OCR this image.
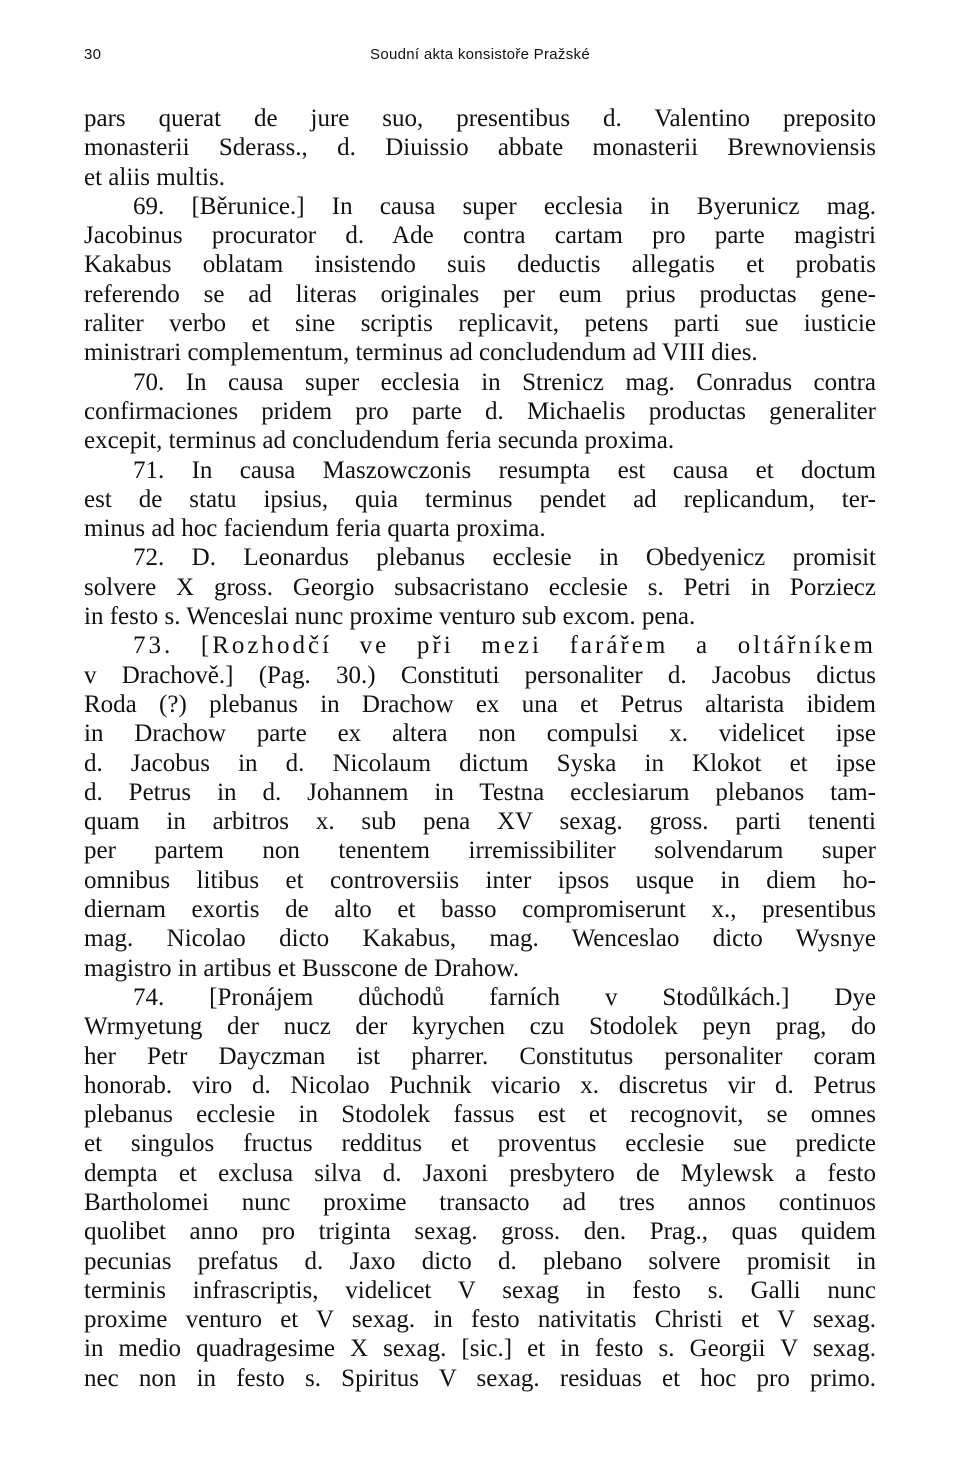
30	Soudní akta konsistoře Pražské
pars querat de jure suo, presentibus d. Valentino preposito
monasterii Sderass., d. Diuissio abbate monasterii Brewnoviensis
et aliis multis.
69. [Běrunice.] In causa super ecclesia in Byerunicz mag.
Jacobinus procurator d. Ade contra cartam pro parte magistri
Kakabus oblatam insistendo suis deductis allegatis et probatis
referendo se ad literas originales per eum prius productas gene-
raliter verbo et sine scriptis replicavit, petens parti sue iusticie
ministrari complementum, terminus ad concludendum ad VIII dies.
70. In causa super ecclesia in Strenicz mag. Conradus contra
confirmaciones pridem pro parte d. Michaelis productas generaliter
excepit, terminus ad concludendum feria secunda proxima.
71. In causa Maszowczonis resumpta est causa et doctum
est de statu ipsius, quia terminus pendet ad replicandum, ter-
minus ad hoc faciendum feria quarta proxima.
72. D. Leonardus plebanus ecclesie in Obedyenicz promisit
solvere X gross. Georgio subsacristano ecclesie s. Petri in Porziecz
in festo s. Wenceslai nunc proxime venturo sub excom. pena.
73. [Rozhodčí ve při mezi farářem a oltářníkem
v Drachově.] (Pag. 30.) Constituti personaliter d. Jacobus dictus
Roda (?) plebanus in Drachow ex una et Petrus altarista ibidem
in Drachow parte ex altera non compulsi x. videlicet ipse
d. Jacobus in d. Nicolaum dictum Syska in Klokot et ipse
d. Petrus in d. Johannem in Testna ecclesiarum plebanos tam-
quam in arbitros x. sub pena XV sexag. gross. parti tenenti
per partem non tenentem irremissibiliter solvendarum super
omnibus litibus et controversiis inter ipsos usque in diem ho-
diernam exortis de alto et basso compromiserunt x., presentibus
mag. Nicolao dicto Kakabus, mag. Wenceslao dicto Wysnye
magistro in artibus et Busscone de Drahow.
74. [Pronájem důchodů farních v Stodůlkách.] Dye
Wrmyetung der nucz der kyrychen czu Stodolek peyn prag, do
her Petr Dayczman ist pharrer. Constitutus personaliter coram
honorab. viro d. Nicolao Puchnik vicario x. discretus vir d. Petrus
plebanus ecclesie in Stodolek fassus est et recognovit, se omnes
et singulos fructus redditus et proventus ecclesie sue predicte
dempta et exclusa silva d. Jaxoni presbytero de Mylewsk a festo
Bartholomei nunc proxime transacto ad tres annos continuos
quolibet anno pro triginta sexag. gross. den. Prag., quas quidem
pecunias prefatus d. Jaxo dicto d. plebano solvere promisit in
terminis infrascriptis, videlicet V sexag in festo s. Galli nunc
proxime venturo et V sexag. in festo nativitatis Christi et V sexag.
in medio quadragesime X sexag. [sic.] et in festo s. Georgii V sexag.
nec non in festo s. Spiritus V sexag. residuas et hoc pro primo.
